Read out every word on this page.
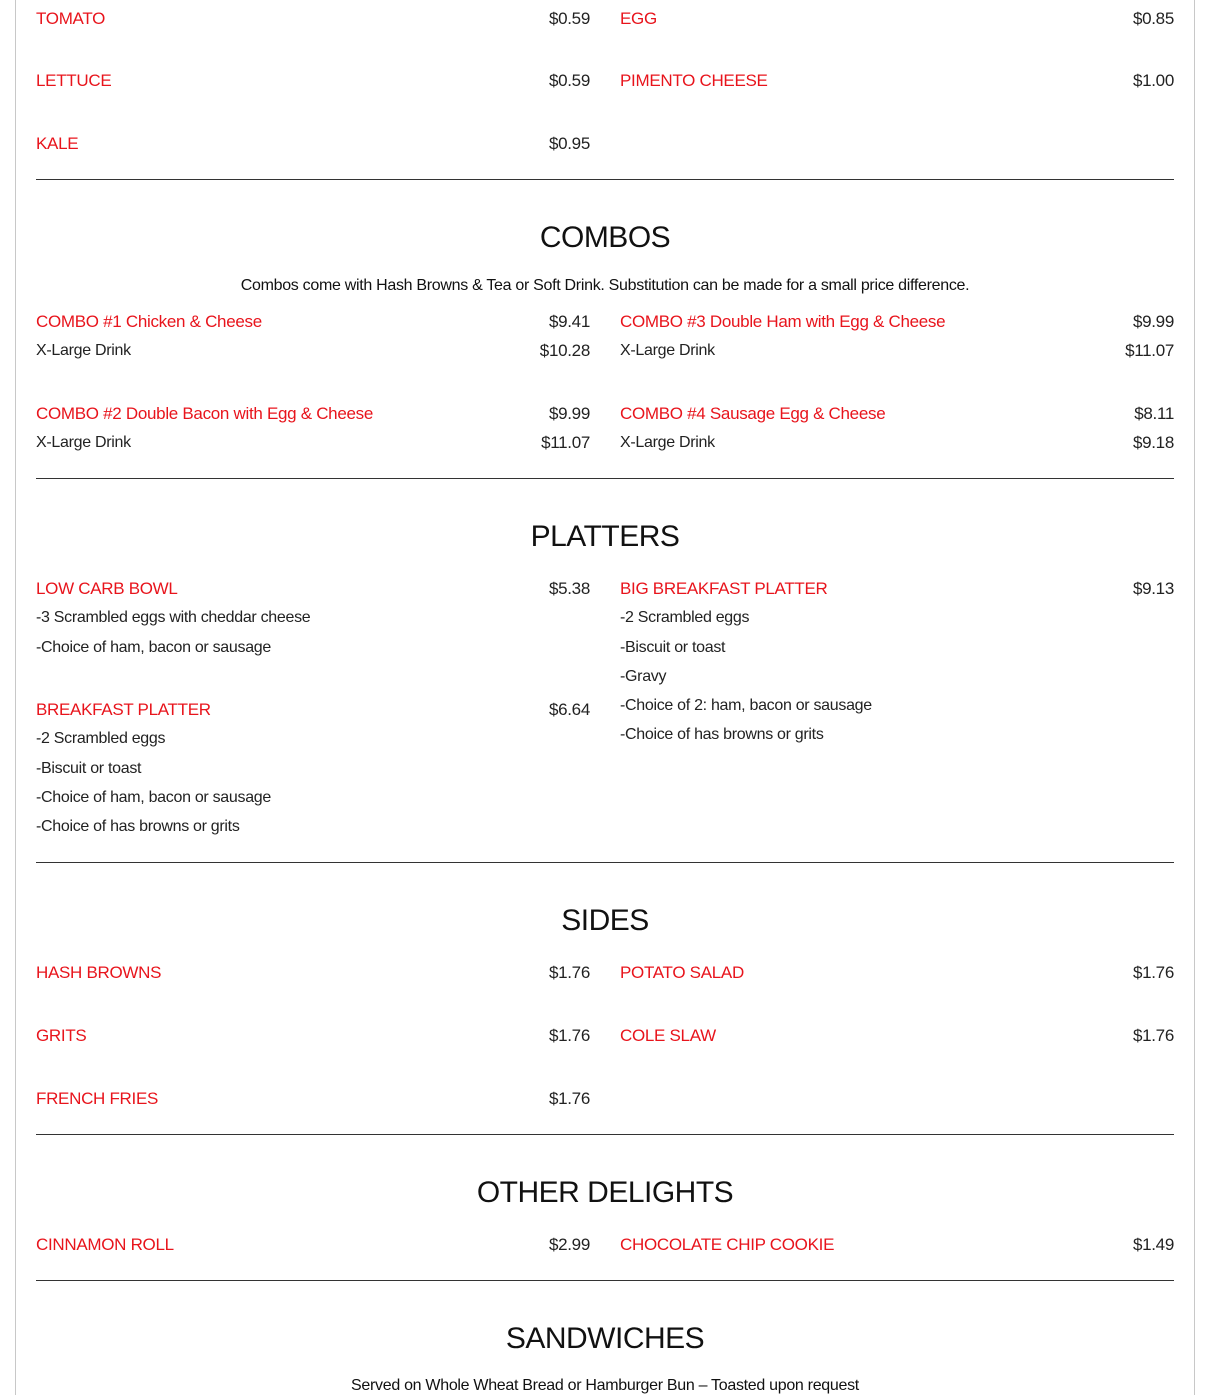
TOMATO	$0.59
LETTUCE	$0.59
KALE	$0.95
EGG	$0.85
PIMENTO CHEESE	$1.00
COMBOS
Combos come with Hash Browns & Tea or Soft Drink. Substitution can be made for a small price difference.
COMBO #1 Chicken & Cheese	$9.41
X-Large Drink	$10.28
COMBO #2 Double Bacon with Egg & Cheese	$9.99
X-Large Drink	$11.07
COMBO #3 Double Ham with Egg & Cheese	$9.99
X-Large Drink	$11.07
COMBO #4 Sausage Egg & Cheese	$8.11
X-Large Drink	$9.18
PLATTERS
LOW CARB BOWL	$5.38
-3 Scrambled eggs with cheddar cheese
-Choice of ham, bacon or sausage
BREAKFAST PLATTER	$6.64
-2 Scrambled eggs
-Biscuit or toast
-Choice of ham, bacon or sausage
-Choice of has browns or grits
BIG BREAKFAST PLATTER	$9.13
-2 Scrambled eggs
-Biscuit or toast
-Gravy
-Choice of 2: ham, bacon or sausage
-Choice of has browns or grits
SIDES
HASH BROWNS	$1.76
GRITS	$1.76
FRENCH FRIES	$1.76
POTATO SALAD	$1.76
COLE SLAW	$1.76
OTHER DELIGHTS
CINNAMON ROLL	$2.99 CHOCOLATE CHIP COOKIE	$1.49
SANDWICHES
Served on Whole Wheat Bread or Hamburger Bun – Toasted upon request
